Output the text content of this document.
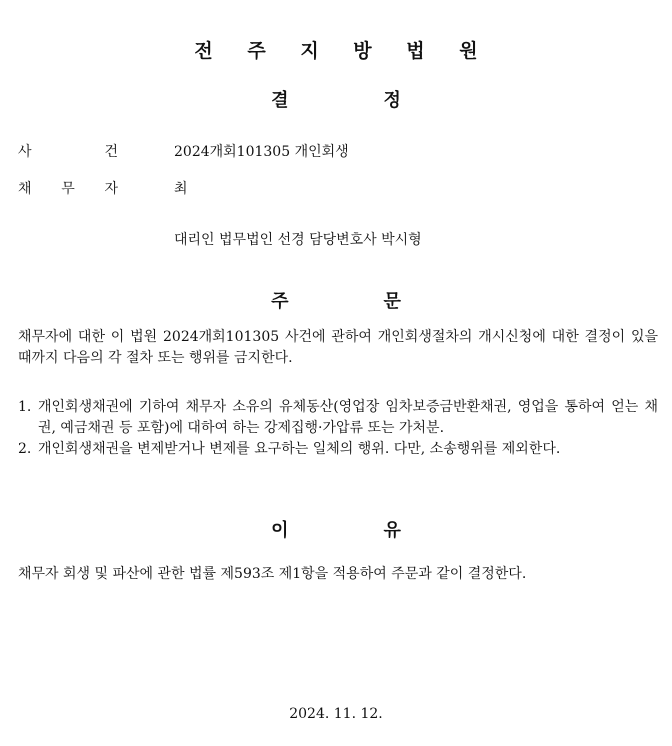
전 주 지 방 법 원
결	정
사	건	2024개회101305 개인회생
채 무 자	최
대리인 법무법인 선경 담당변호사 박시형
주	문

채무자에 대한 이 법원 2024개회101305 사건에 관하여 개인회생절차의 개시신청에 대한 결정이 있을 때까지 다음의 각 절차 또는 행위를 금지한다.

1. 개인회생채권에 기하여 채무자 소유의 유체동산(영업장 임차보증금반환채권, 영업을 통하여 얻는 채권, 예금채권 등 포함)에 대하여 하는 강제집행·가압류 또는 가처분.
2. 개인회생채권을 변제받거나 변제를 요구하는 일체의 행위. 다만, 소송행위를 제외한다.
이	유

채무자 회생 및 파산에 관한 법률 제593조 제1항을 적용하여 주문과 같이 결정한다.

2024. 11. 12.
